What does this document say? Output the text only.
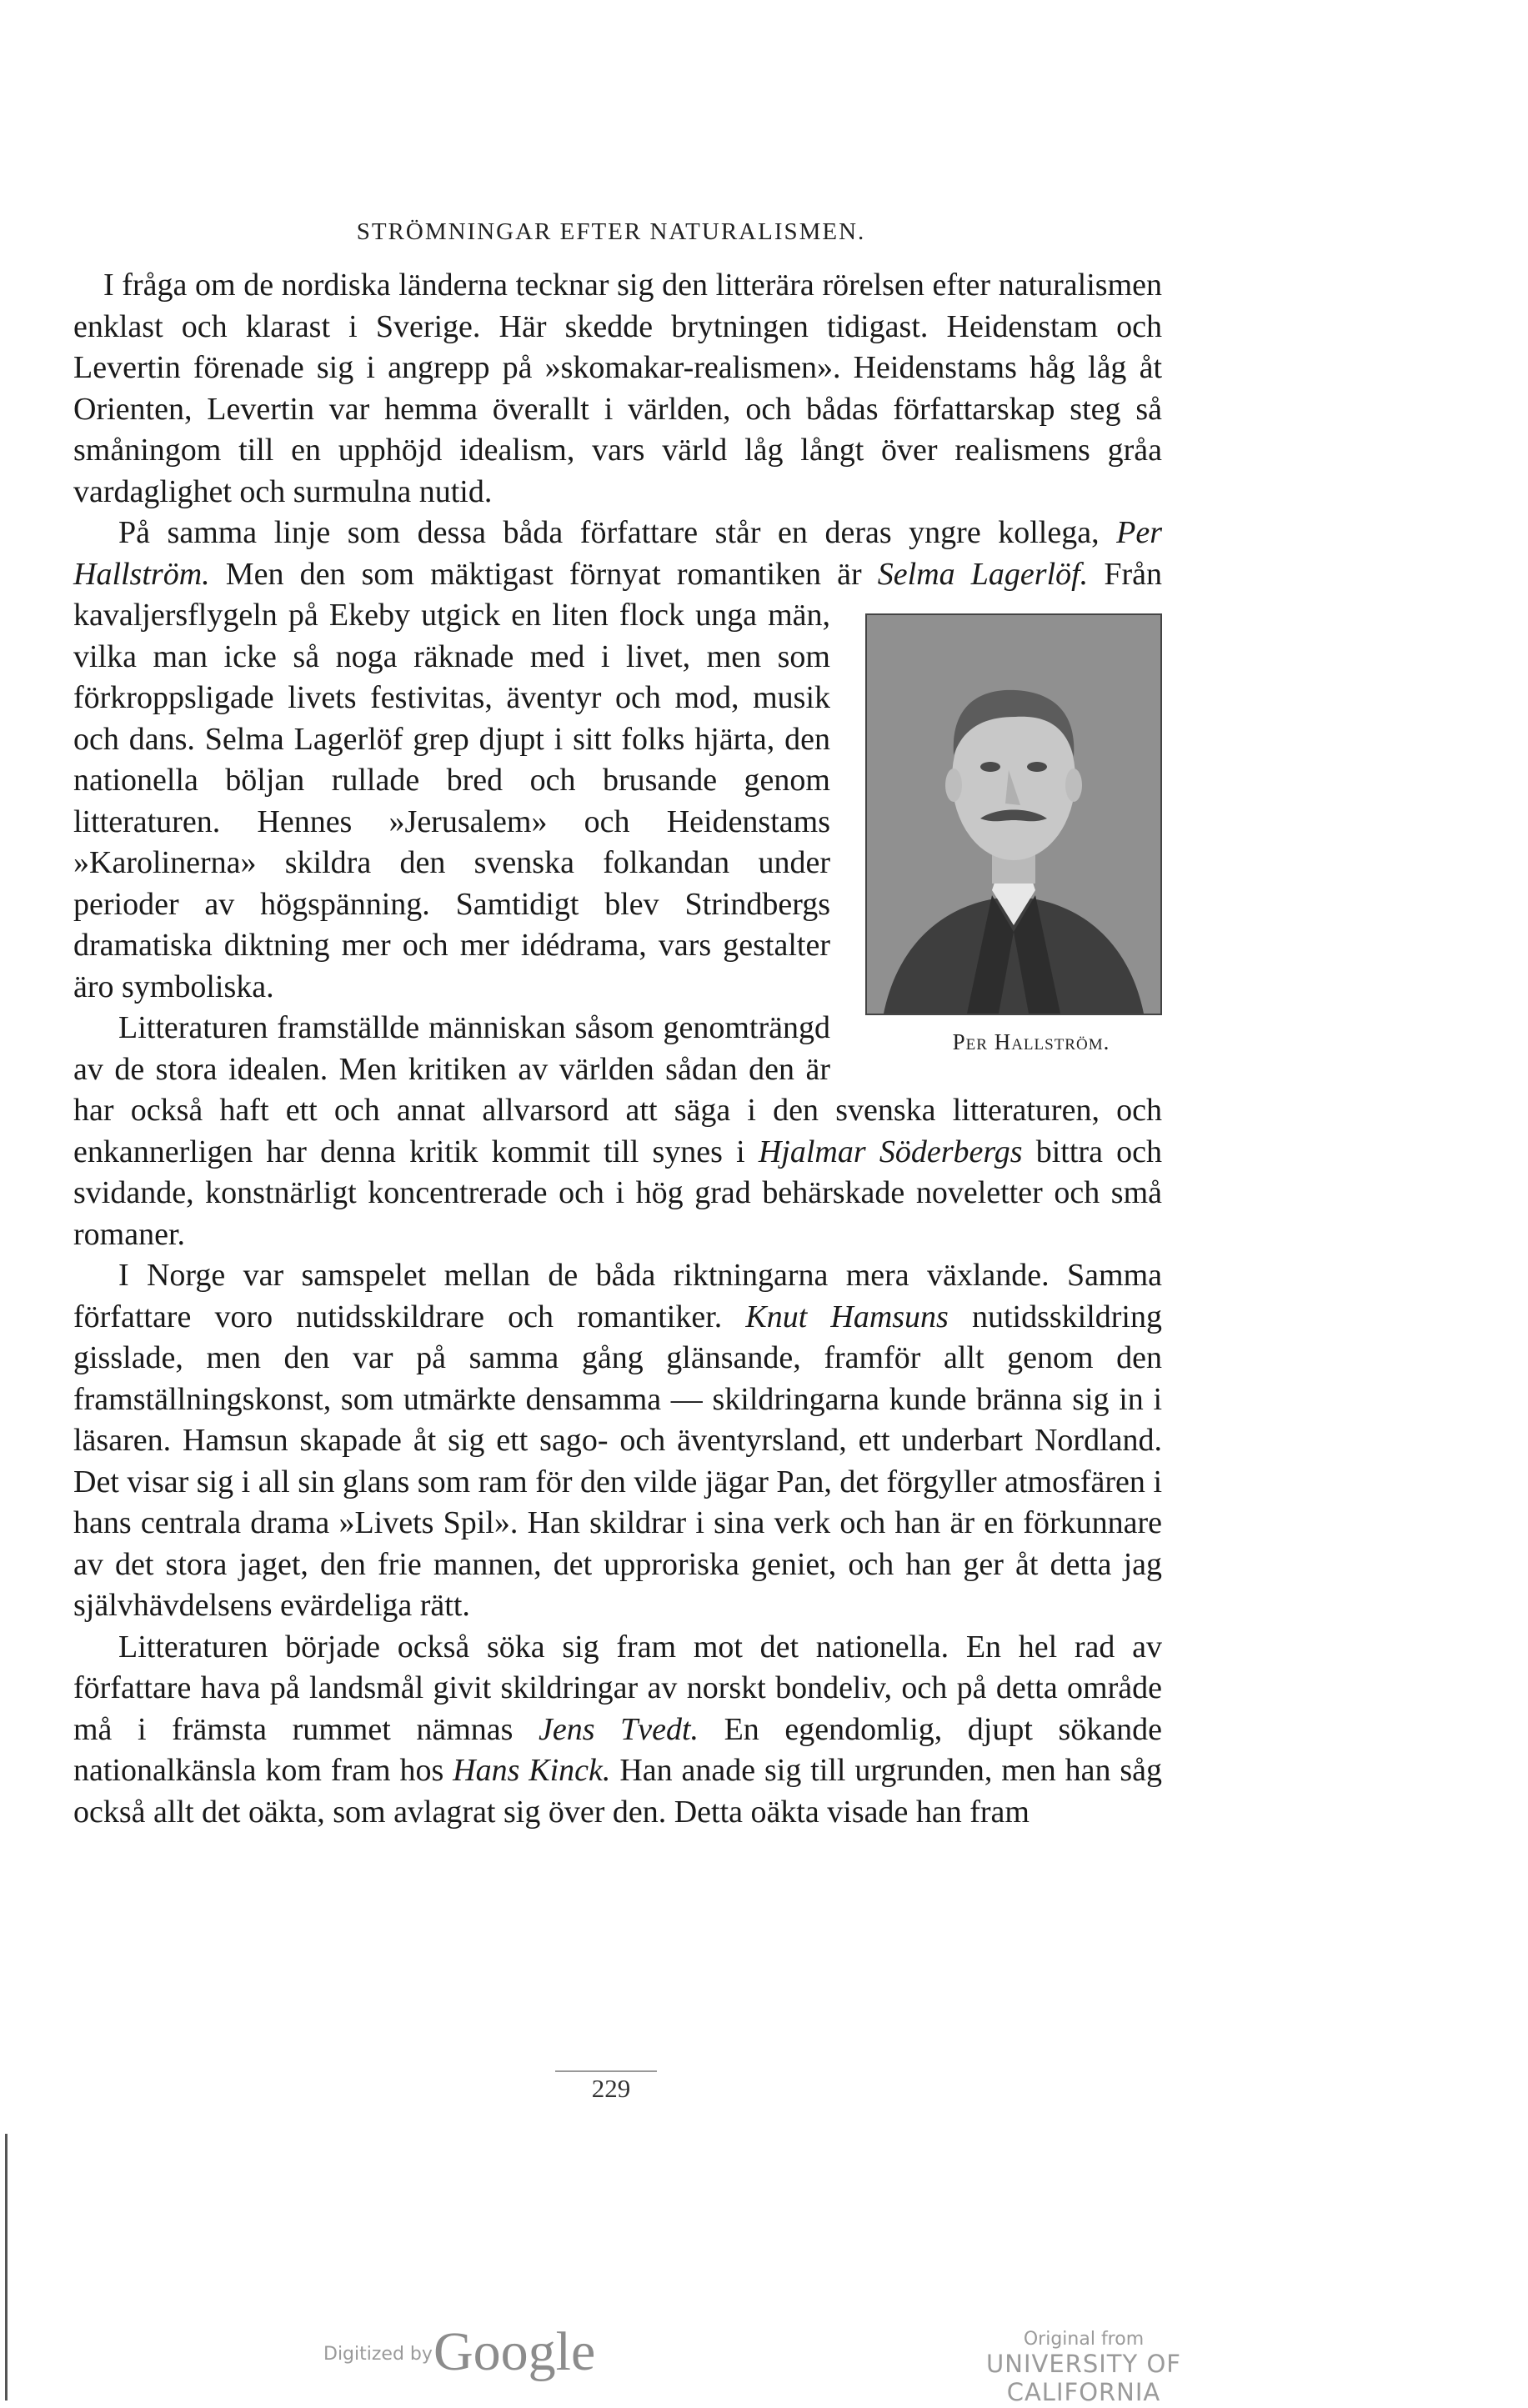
STRÖMNINGAR EFTER NATURALISMEN.

I fråga om de nordiska länderna tecknar sig den litterära rörelsen efter naturalismen enklast och klarast i Sverige. Här skedde brytningen tidigast. Heidenstam och Levertin förenade sig i angrepp på »skomakar-realismen». Heidenstams håg låg åt Orienten, Levertin var hemma överallt i världen, och bådas författarskap steg så småningom till en upphöjd idealism, vars värld låg långt över realismens gråa vardaglighet och surmulna nutid.

På samma linje som dessa båda författare står en deras yngre kollega, Per Hallström. Men den som mäktigast förnyat romantiken är Selma Lagerlöf.
Per Hallström.
Från kavaljersflygeln på Ekeby utgick en liten flock unga män, vilka man icke så noga räknade med i livet, men som förkroppsligade livets festivitas, äventyr och mod, musik och dans. Selma Lagerlöf grep djupt i sitt folks hjärta, den nationella böljan rullade bred och brusande genom litteraturen. Hennes »Jerusalem» och Heidenstams »Karolinerna» skildra den svenska folkandan under perioder av högspänning. Samtidigt blev Strindbergs dramatiska diktning mer och mer idédrama, vars gestalter äro symboliska.

Litteraturen framställde människan såsom genomträngd av de stora idealen. Men kritiken av världen sådan den är har också haft ett och annat allvarsord att säga i den svenska litteraturen, och enkannerligen har denna kritik kommit till synes i Hjalmar Söderbergs bittra och svidande, konstnärligt koncentrerade och i hög grad behärskade noveletter och små romaner.

I Norge var samspelet mellan de båda riktningarna mera växlande. Samma författare voro nutidsskildrare och romantiker. Knut Hamsuns nutidsskildring gisslade, men den var på samma gång glänsande, framför allt genom den framställningskonst, som utmärkte densamma — skildringarna kunde bränna sig in i läsaren. Hamsun skapade åt sig ett sago- och äventyrsland, ett underbart Nordland. Det visar sig i all sin glans som ram för den vilde jägar Pan, det förgyller atmosfären i hans centrala drama »Livets Spil». Han skildrar i sina verk och han är en förkunnare av det stora jaget, den frie mannen, det upproriska geniet, och han ger åt detta jag självhävdelsens evärdeliga rätt.

Litteraturen började också söka sig fram mot det nationella. En hel rad av författare hava på landsmål givit skildringar av norskt bondeliv, och på detta område må i främsta rummet nämnas Jens Tvedt. En egendomlig, djupt sökande nationalkänsla kom fram hos Hans Kinck. Han anade sig till urgrunden, men han såg också allt det oäkta, som avlagrat sig över den. Detta oäkta visade han fram

229
Digitized by Google	Original from
UNIVERSITY OF CALIFORNIA
